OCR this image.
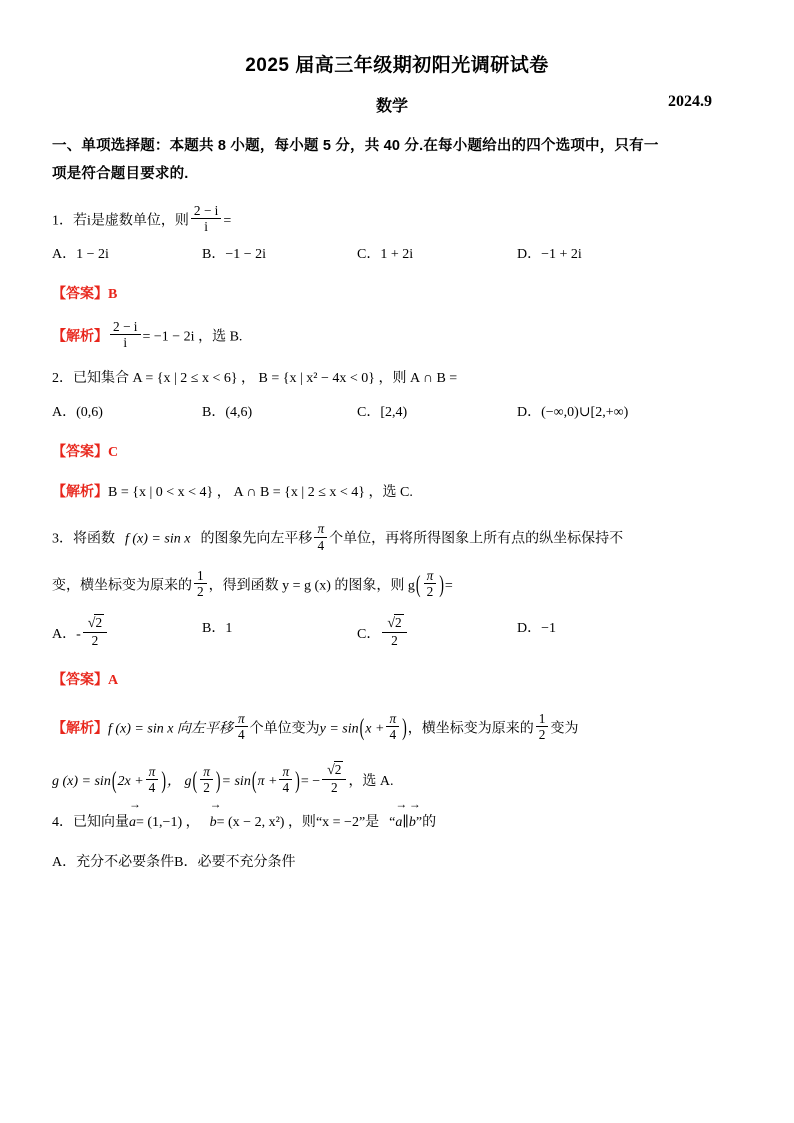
2025 届高三年级期初阳光调研试卷
数学	2024.9
一、单项选择题：本题共 8 小题，每小题 5 分，共 40 分.在每小题给出的四个选项中，只有一
项是符合题目要求的.
1．若i是虚数单位，则 $\frac{2 - i}{i}$ =
A．1 − 2i	B．−1 − 2i	C．1 + 2i	D．−1 + 2i
【答案】B
【解析】 $\frac{2 - i}{i} = -1 - 2i$ ，选 B.
2．已知集合 A = {x | 2 ≤ x < 6} ， B = {x | x² − 4x < 0} ，则 A ∩ B =
A．(0,6)	B．(4,6)	C．[2,4)	D．(−∞,0)∪[2,+∞)
【答案】C
【解析】B = {x | 0 < x < 4} ， A ∩ B = {x | 2 ≤ x < 4} ，选 C.
3．将函数 f (x) = sin x 的图象先向左平移 $\frac{\pi}{4}$ 个单位，再将所得图象上所有点的纵坐标保持不
变，横坐标变为原来的 $\frac{1}{2}$ ，得到函数 y = g (x) 的图象，则 $g( \frac{\pi}{2}$ )=
A．- $\frac{√2}{2}$	B．1	C． $\frac{√2}{2}$	D．−1
【答案】A
【解析】f (x) = sin x 向左平移 $\frac{\pi}{4}$ 个单位变为$y = \sin(x + \frac{\pi}{4}$ )，横坐标变为原来的 $\frac{1}{2}$ 变为
g $(x) = \sin(2x + \frac{\pi}{4}$ )， $g( \frac{\pi}{2}$ )= $\sin(\pi + \frac{\pi}{4}$ )= − $\frac{√2}{2}$ ，选 A.
4．已知向量
→
a= (1,−1) ，
→
b= (x − 2, x²) ，则“x = −2”是 “
→
a∥
→
b”的
A．充分不必要条件B．必要不充分条件
